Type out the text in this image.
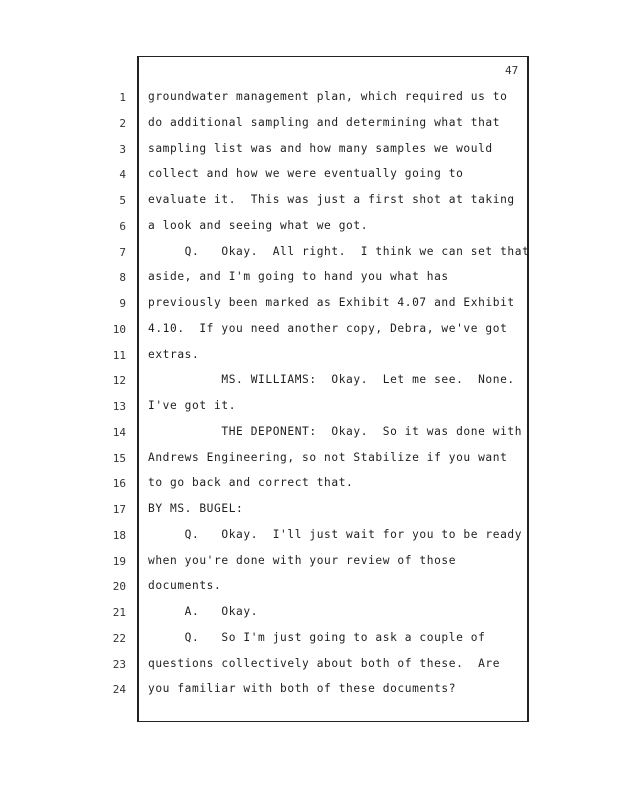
47
1 groundwater management plan, which required us to
2 do additional sampling and determining what that
3 sampling list was and how many samples we would
4 collect and how we were eventually going to
5 evaluate it.  This was just a first shot at taking
6 a look and seeing what we got.
7 Q.   Okay.  All right.  I think we can set that
8 aside, and I'm going to hand you what has
9 previously been marked as Exhibit 4.07 and Exhibit
10 4.10.  If you need another copy, Debra, we've got
11 extras.
12 MS. WILLIAMS:  Okay.  Let me see.  None.
13 I've got it.
14 THE DEPONENT:  Okay.  So it was done with
15 Andrews Engineering, so not Stabilize if you want
16 to go back and correct that.
17 BY MS. BUGEL:
18 Q.   Okay.  I'll just wait for you to be ready
19 when you're done with your review of those
20 documents.
21 A.   Okay.
22 Q.   So I'm just going to ask a couple of
23 questions collectively about both of these.  Are
24 you familiar with both of these documents?
